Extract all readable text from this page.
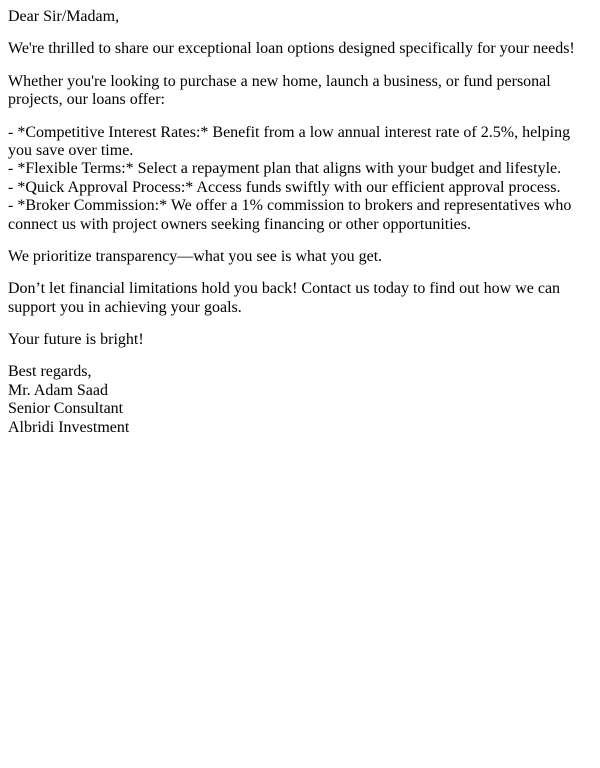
Dear Sir/Madam,

We're thrilled to share our exceptional loan options designed specifically for your needs!

Whether you're looking to purchase a new home, launch a business, or fund personal projects, our loans offer:

- *Competitive Interest Rates:* Benefit from a low annual interest rate of 2.5%, helping you save over time.
- *Flexible Terms:* Select a repayment plan that aligns with your budget and lifestyle.
- *Quick Approval Process:* Access funds swiftly with our efficient approval process.
- *Broker Commission:* We offer a 1% commission to brokers and representatives who connect us with project owners seeking financing or other opportunities.

We prioritize transparency—what you see is what you get.

Don’t let financial limitations hold you back! Contact us today to find out how we can support you in achieving your goals.

Your future is bright!

Best regards,
Mr. Adam Saad
Senior Consultant
Albridi Investment
